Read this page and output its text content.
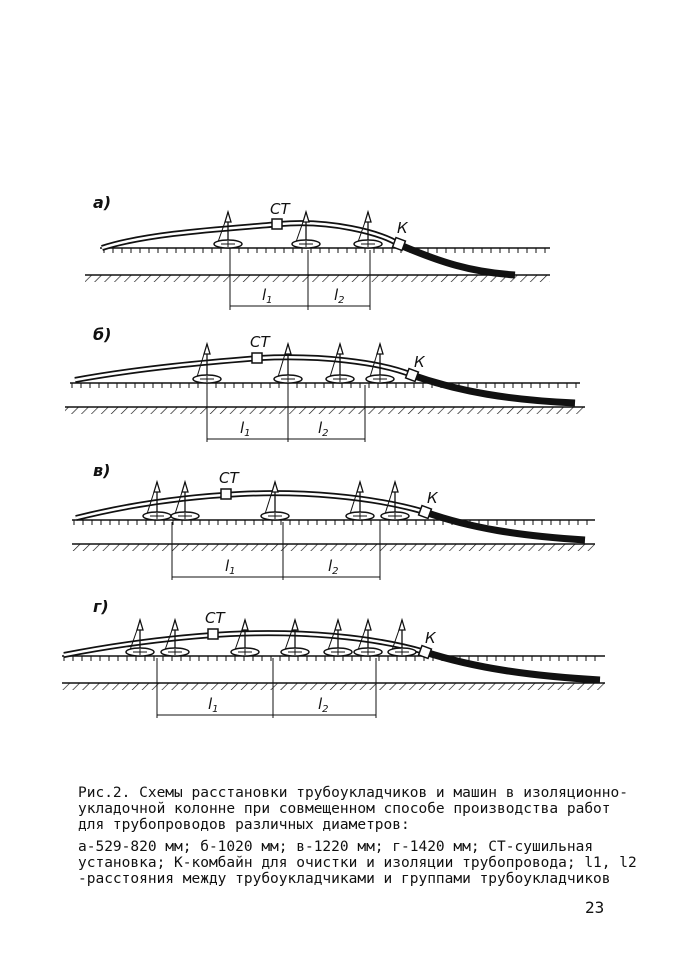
а)	СТ
К
$l_1$	$l_2$
б)	СТ
К
$l_1$	$l_2$
в)	СТ
К
$l_1$	$l_2$
г)
СТ
К
$l_1$	$l_2$

Рис.2. Схемы расстановки трубоукладчиков и машин в изоляционно-укладочной колонне при совмещенном способе производства работ для трубопроводов различных диаметров:

а-529-820 мм; б-1020 мм; в-1220 мм; г-1420 мм; СТ-сушильная установка; К-комбайн для очистки и изоляции трубопровода; l1, l2 -расстояния между трубоукладчиками и группами трубоукладчиков

23
